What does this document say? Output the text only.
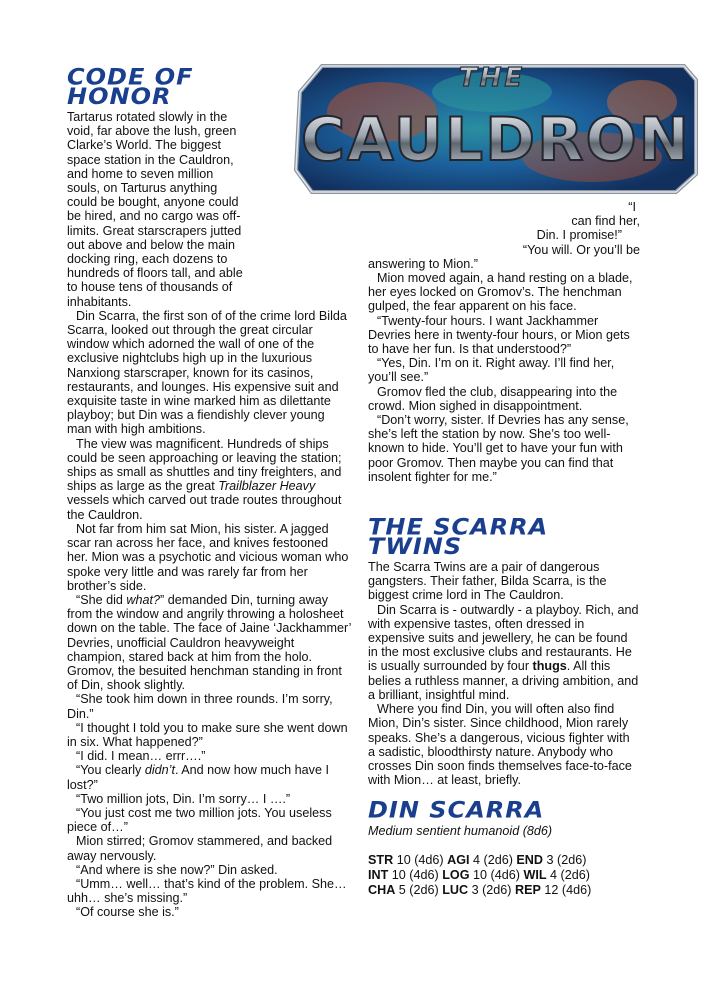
THE
CAULDRON
CODE OF
HONOR

Tartarus rotated slowly in the void, far above the lush, green Clarke’s World. The biggest space station in the Cauldron, and home to seven million souls, on Tarturus anything could be bought, anyone could be hired, and no cargo was off-limits. Great starscrapers jutted out above and below the main docking ring, each dozens to hundreds of floors tall, and able to house tens of thousands of inhabitants.

Din Scarra, the first son of of the crime lord Bilda Scarra, looked out through the great circular window which adorned the wall of one of the exclusive nightclubs high up in the luxurious Nanxiong starscraper, known for its casinos, restaurants, and lounges. His expensive suit and exquisite taste in wine marked him as dilettante playboy; but Din was a fiendishly clever young man with high ambitions.

The view was magnificent. Hundreds of ships could be seen approaching or leaving the station; ships as small as shuttles and tiny freighters, and ships as large as the great Trailblazer Heavy vessels which carved out trade routes throughout the Cauldron.

Not far from him sat Mion, his sister. A jagged scar ran across her face, and knives festooned her. Mion was a psychotic and vicious woman who spoke very little and was rarely far from her brother’s side.

“She did what?” demanded Din, turning away from the window and angrily throwing a holosheet down on the table. The face of Jaine ‘Jackhammer’ Devries, unofficial Cauldron heavyweight champion, stared back at him from the holo. Gromov, the besuited henchman standing in front of Din, shook slightly.

“She took him down in three rounds. I’m sorry, Din.”

“I thought I told you to make sure she went down in six. What happened?”

“I did. I mean… errr….”

“You clearly didn’t. And now how much have I lost?”

“Two million jots, Din. I’m sorry… I ….”

“You just cost me two million jots. You useless piece of…”

Mion stirred; Gromov stammered, and backed away nervously.

“And where is she now?” Din asked.

“Umm… well… that’s kind of the problem. She… uhh… she’s missing.”

“Of course she is.”

“I
can find her,
Din. I promise!”
“You will. Or you’ll be
answering to Mion.”

Mion moved again, a hand resting on a blade, her eyes locked on Gromov’s. The henchman gulped, the fear apparent on his face.

“Twenty-four hours. I want Jackhammer Devries here in twenty-four hours, or Mion gets to have her fun. Is that understood?”

“Yes, Din. I’m on it. Right away. I’ll find her, you’ll see.”

Gromov fled the club, disappearing into the crowd. Mion sighed in disappointment.

“Don’t worry, sister. If Devries has any sense, she’s left the station by now. She’s too well-known to hide. You’ll get to have your fun with poor Gromov. Then maybe you can find that insolent fighter for me.”

THE SCARRA
TWINS

The Scarra Twins are a pair of dangerous gangsters. Their father, Bilda Scarra, is the biggest crime lord in The Cauldron.

Din Scarra is - outwardly - a playboy. Rich, and with expensive tastes, often dressed in expensive suits and jewellery, he can be found in the most exclusive clubs and restaurants. He is usually surrounded by four thugs. All this belies a ruthless manner, a driving ambition, and a brilliant, insightful mind.

Where you find Din, you will often also find Mion, Din’s sister. Since childhood, Mion rarely speaks. She’s a dangerous, vicious fighter with a sadistic, bloodthirsty nature. Anybody who crosses Din soon finds themselves face-to-face with Mion… at least, briefly.

DIN SCARRA
Medium sentient humanoid (8d6)
STR 10 (4d6) AGI 4 (2d6) END 3 (2d6)
INT 10 (4d6) LOG 10 (4d6) WIL 4 (2d6)
CHA 5 (2d6) LUC 3 (2d6) REP 12 (4d6)
